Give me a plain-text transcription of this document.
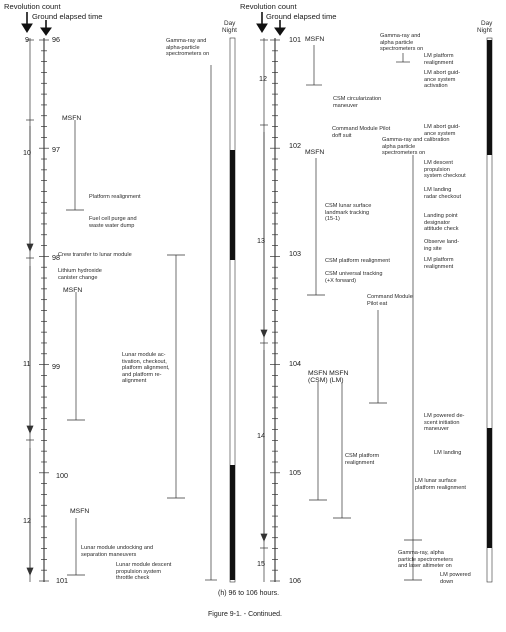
Revolution count
Ground elapsed time
Revolution count
Ground elapsed time
Day
Night
Day
Night
96
97
98
99
100
101
9
10
11
12
MSFN
MSFN
MSFN
Gamma-ray and
alpha-particle
spectrometers on
Platform realignment
Fuel cell purge and
waste water dump
Crew transfer to lunar module
Lithium hydroxide
canister change
Lunar module ac-
tivation, checkout,
platform alignment,
and platform re-
alignment
Lunar module undocking and
separation maneuvers
Lunar module descent
propulsion system
throttle check
101
102
103
104
105
106
12
13
14
15
MSFN
MSFN
MSFN MSFN
(CSM) (LM)
CSM circularization
maneuver
Command Module Pilot
doff suit
CSM lunar surface
landmark tracking
(15-1)
CSM platform realignment
CSM universal tracking
(+X forward)
Command Module
Pilot eat
CSM platform
realignment
Gamma-ray and
alpha particle
spectrometers on
LM platform
realignment
LM abort guid-
ance system
activation
LM abort guid-
ance system
calibration
Gamma-ray and
alpha particle
spectrometers on
LM descent
propulsion
system checkout
LM landing
radar checkout
Landing point
designator
attitude check
Observe land-
ing site
LM platform
realignment
LM powered de-
scent initiation
maneuver
LM landing
LM lunar surface
platform realignment
Gamma-ray, alpha
particle spectrometers
and laser altimeter on
LM powered
down
(h) 96 to 106 hours.
Figure 9-1. - Continued.
